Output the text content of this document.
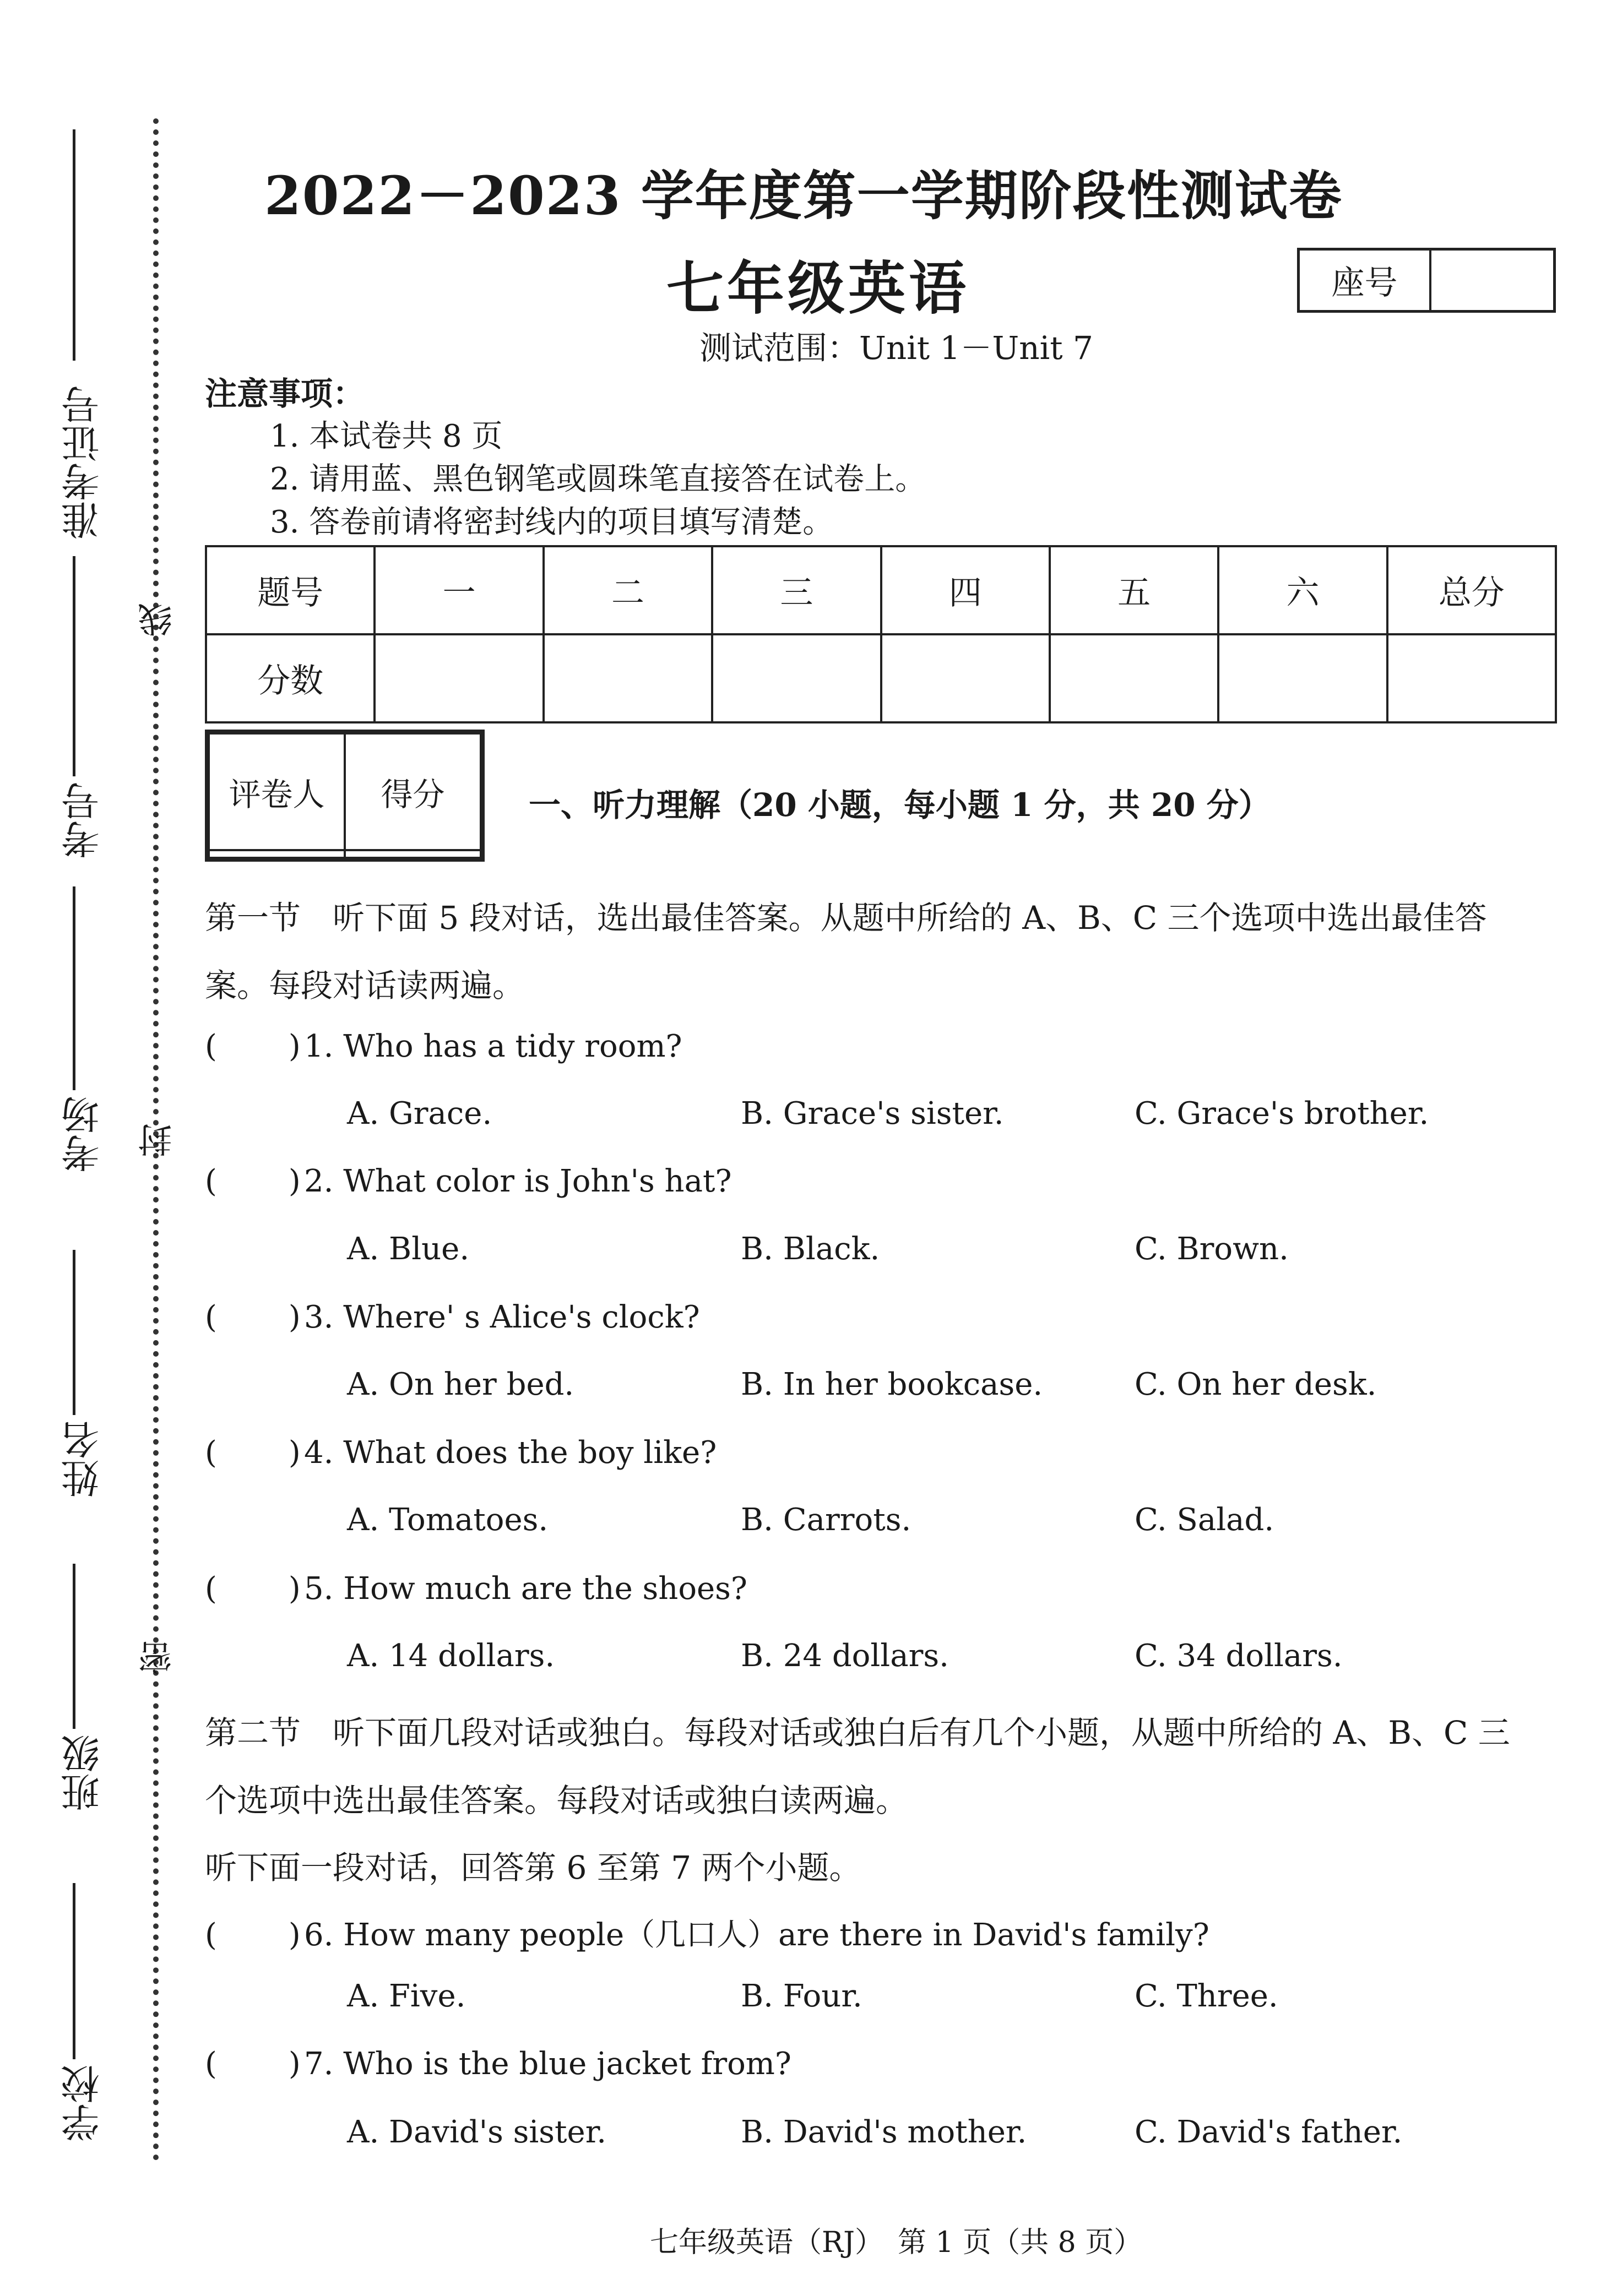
准考证号
考号
考场
姓名
班级
学校
线
封
密
2022－2023 学年度第一学期阶段性测试卷
七年级英语
测试范围：Unit 1－Unit 7
座号
注意事项：
1. 本试卷共 8 页
2. 请用蓝、黑色钢笔或圆珠笔直接答在试卷上。
3. 答卷前请将密封线内的项目填写清楚。
题号	一	二	三	四	五	六	总分
分数							
评卷人	得分
		一、听力理解（20 小题，每小题 1 分，共 20 分）
第一节　听下面 5 段对话，选出最佳答案。从题中所给的 A、B、C 三个选项中选出最佳答
案。每段对话读两遍。
( ) 1. Who has a tidy room?
A. Grace.	B. Grace's sister.	C. Grace's brother.
( ) 2. What color is John's hat?
A. Blue.	B. Black.	C. Brown.
( ) 3. Where' s Alice's clock?
A. On her bed.	B. In her bookcase.	C. On her desk.
( ) 4. What does the boy like?
A. Tomatoes.	B. Carrots.	C. Salad.
( ) 5. How much are the shoes?
A. 14 dollars.	B. 24 dollars.	C. 34 dollars.
第二节　听下面几段对话或独白。每段对话或独白后有几个小题，从题中所给的 A、B、C 三
个选项中选出最佳答案。每段对话或独白读两遍。
听下面一段对话，回答第 6 至第 7 两个小题。
( ) 6. How many people（几口人）are there in David's family?
A. Five.	B. Four.	C. Three.
( ) 7. Who is the blue jacket from?
A. David's sister.	B. David's mother.	C. David's father.
七年级英语（RJ）　第 1 页（共 8 页）
